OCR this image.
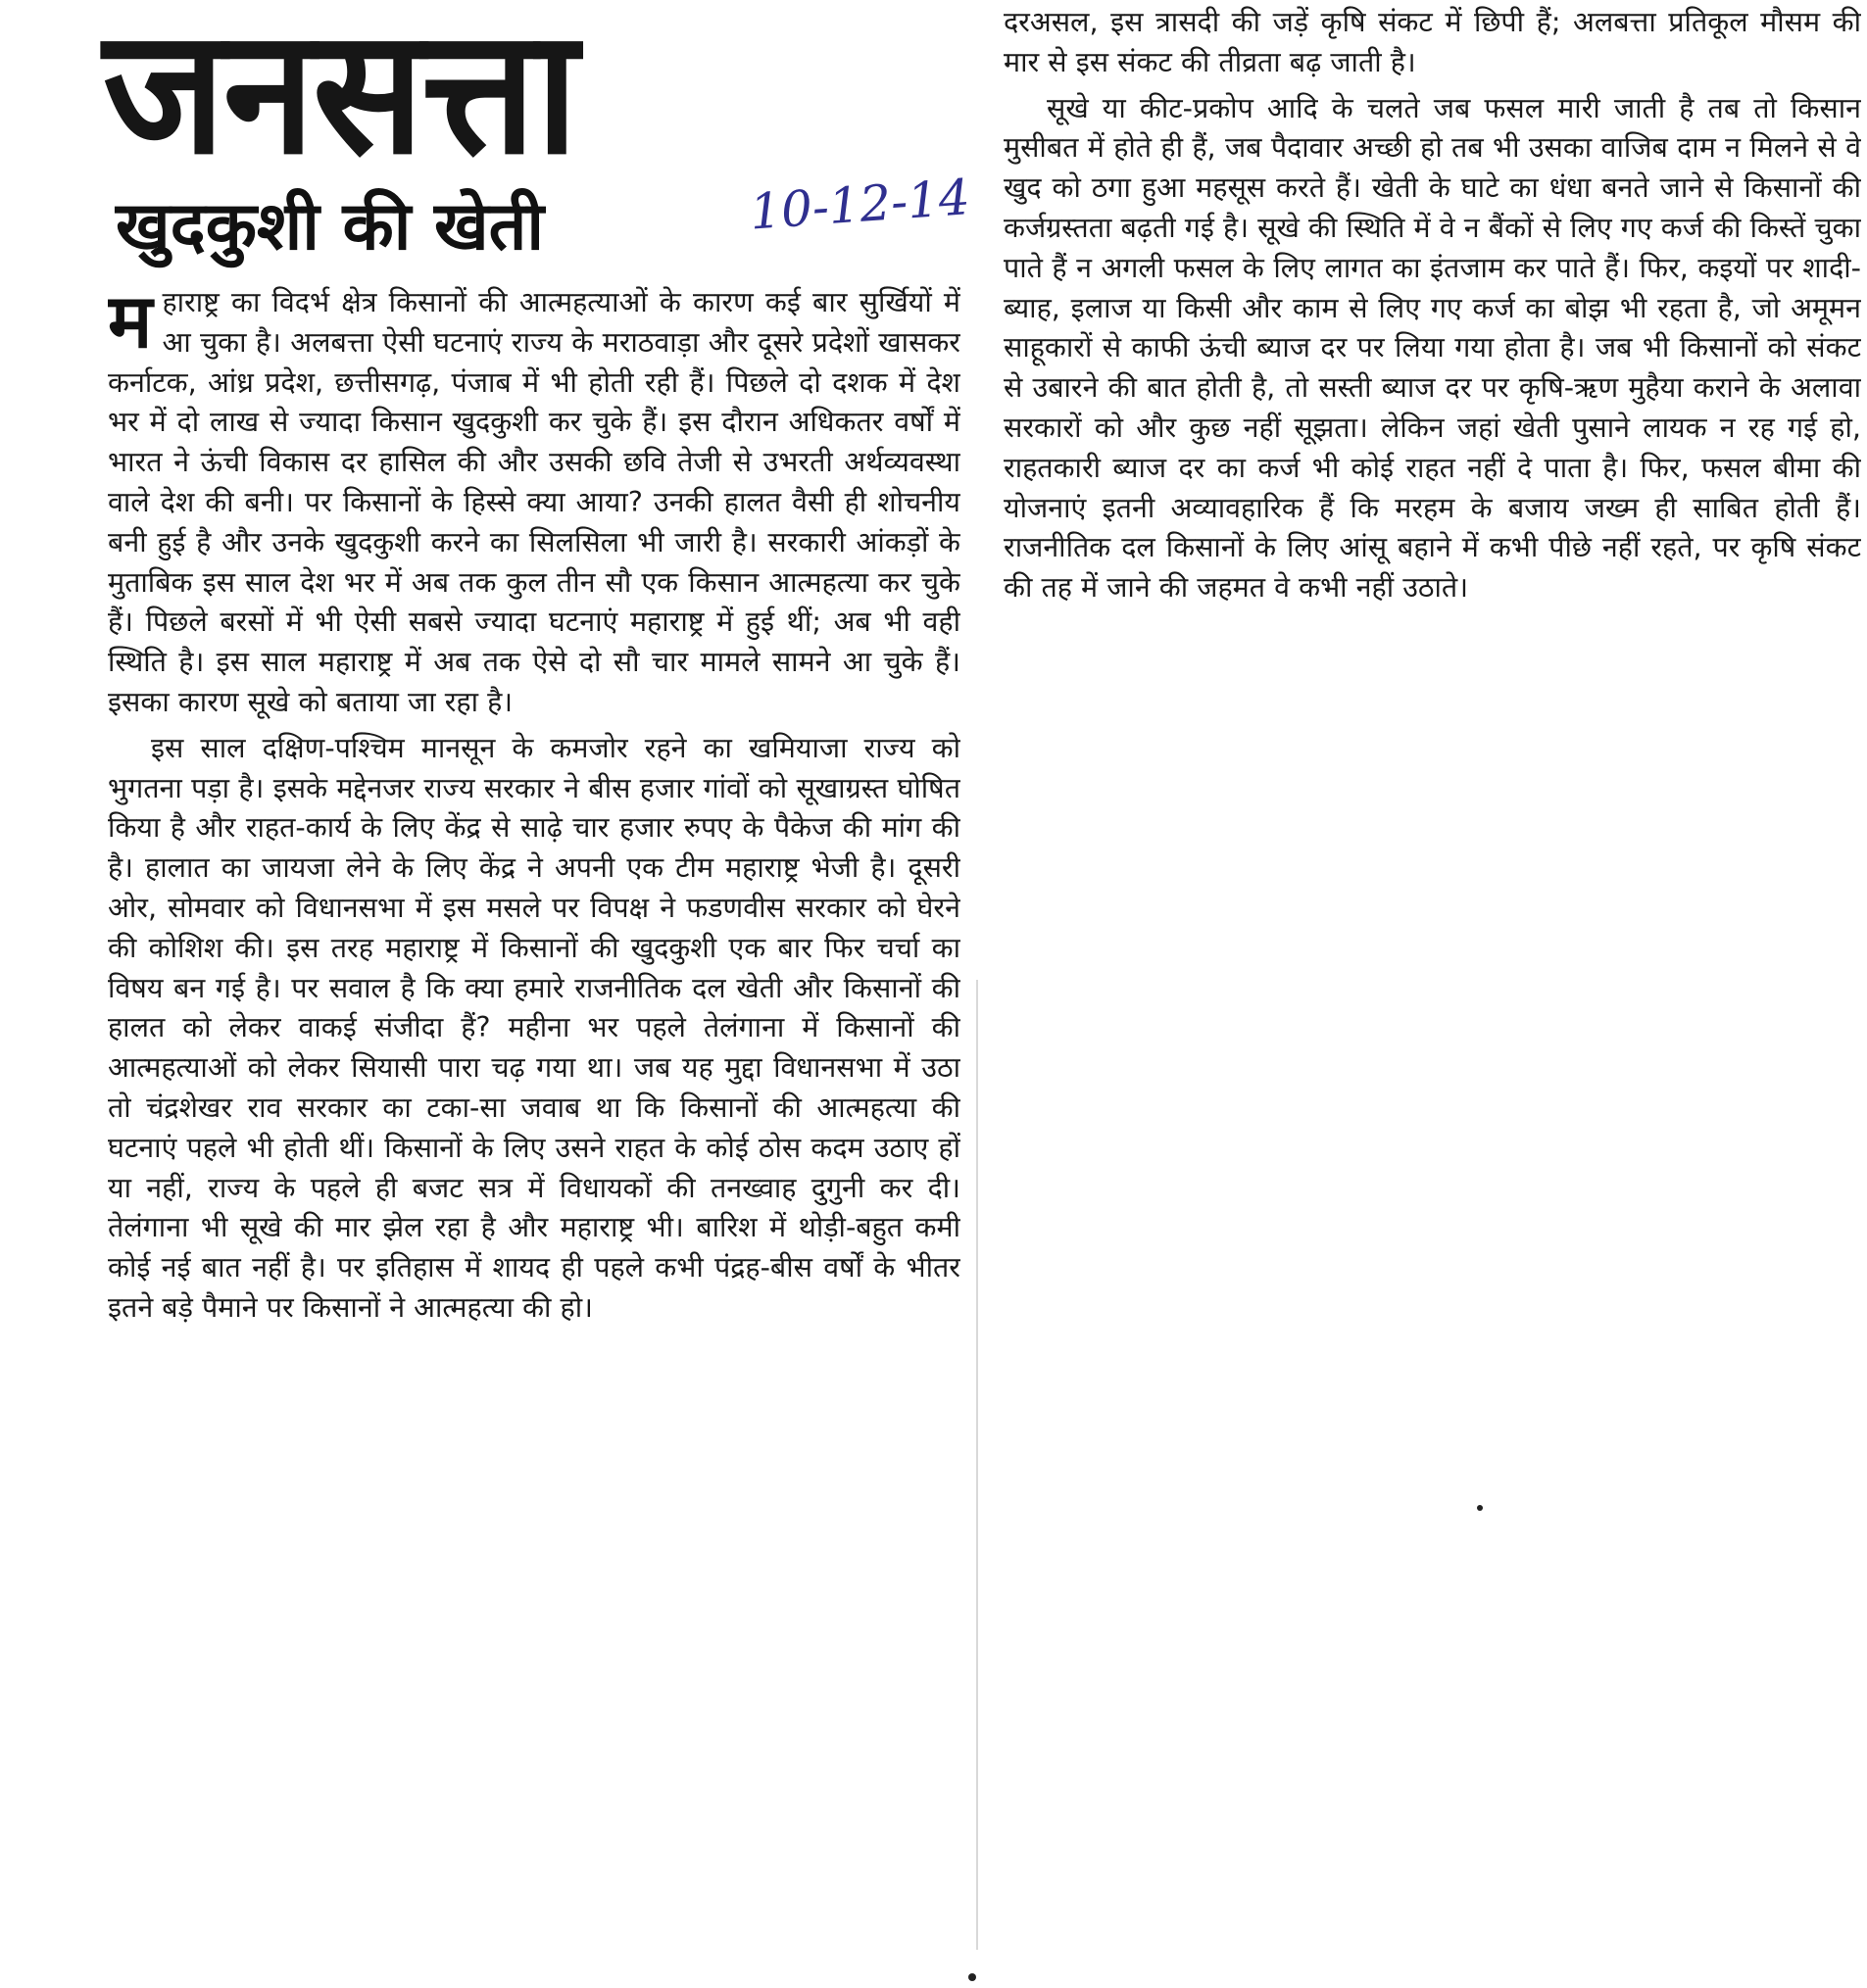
जनसत्ता
खुदकुशी की खेती	10-12-14

महाराष्ट्र का विदर्भ क्षेत्र किसानों की आत्महत्याओं के कारण कई बार सुर्खियों में आ चुका है। अलबत्ता ऐसी घटनाएं राज्य के मराठवाड़ा और दूसरे प्रदेशों खासकर कर्नाटक, आंध्र प्रदेश, छत्तीसगढ़, पंजाब में भी होती रही हैं। पिछले दो दशक में देश भर में दो लाख से ज्यादा किसान खुदकुशी कर चुके हैं। इस दौरान अधिकतर वर्षों में भारत ने ऊंची विकास दर हासिल की और उसकी छवि तेजी से उभरती अर्थव्यवस्था वाले देश की बनी। पर किसानों के हिस्से क्या आया? उनकी हालत वैसी ही शोचनीय बनी हुई है और उनके खुदकुशी करने का सिलसिला भी जारी है। सरकारी आंकड़ों के मुताबिक इस साल देश भर में अब तक कुल तीन सौ एक किसान आत्महत्या कर चुके हैं। पिछले बरसों में भी ऐसी सबसे ज्यादा घटनाएं महाराष्ट्र में हुई थीं; अब भी वही स्थिति है। इस साल महाराष्ट्र में अब तक ऐसे दो सौ चार मामले सामने आ चुके हैं। इसका कारण सूखे को बताया जा रहा है।

इस साल दक्षिण-पश्चिम मानसून के कमजोर रहने का खमियाजा राज्य को भुगतना पड़ा है। इसके मद्देनजर राज्य सरकार ने बीस हजार गांवों को सूखाग्रस्त घोषित किया है और राहत-कार्य के लिए केंद्र से साढ़े चार हजार रुपए के पैकेज की मांग की है। हालात का जायजा लेने के लिए केंद्र ने अपनी एक टीम महाराष्ट्र भेजी है। दूसरी ओर, सोमवार को विधानसभा में इस मसले पर विपक्ष ने फडणवीस सरकार को घेरने की कोशिश की। इस तरह महाराष्ट्र में किसानों की खुदकुशी एक बार फिर चर्चा का विषय बन गई है। पर सवाल है कि क्या हमारे राजनीतिक दल खेती और किसानों की हालत को लेकर वाकई संजीदा हैं? महीना भर पहले तेलंगाना में किसानों की आत्महत्याओं को लेकर सियासी पारा चढ़ गया था। जब यह मुद्दा विधानसभा में उठा तो चंद्रशेखर राव सरकार का टका-सा जवाब था कि किसानों की आत्महत्या की घटनाएं पहले भी होती थीं। किसानों के लिए उसने राहत के कोई ठोस कदम उठाए हों या नहीं, राज्य के पहले ही बजट सत्र में विधायकों की तनख्वाह दुगुनी कर दी। तेलंगाना भी सूखे की मार झेल रहा है और महाराष्ट्र भी। बारिश में थोड़ी-बहुत कमी कोई नई बात नहीं है। पर इतिहास में शायद ही पहले कभी पंद्रह-बीस वर्षों के भीतर इतने बड़े पैमाने पर किसानों ने आत्महत्या की हो।

दरअसल, इस त्रासदी की जड़ें कृषि संकट में छिपी हैं; अलबत्ता प्रतिकूल मौसम की मार से इस संकट की तीव्रता बढ़ जाती है।

सूखे या कीट-प्रकोप आदि के चलते जब फसल मारी जाती है तब तो किसान मुसीबत में होते ही हैं, जब पैदावार अच्छी हो तब भी उसका वाजिब दाम न मिलने से वे खुद को ठगा हुआ महसूस करते हैं। खेती के घाटे का धंधा बनते जाने से किसानों की कर्जग्रस्तता बढ़ती गई है। सूखे की स्थिति में वे न बैंकों से लिए गए कर्ज की किस्तें चुका पाते हैं न अगली फसल के लिए लागत का इंतजाम कर पाते हैं। फिर, कइयों पर शादी-ब्याह, इलाज या किसी और काम से लिए गए कर्ज का बोझ भी रहता है, जो अमूमन साहूकारों से काफी ऊंची ब्याज दर पर लिया गया होता है। जब भी किसानों को संकट से उबारने की बात होती है, तो सस्ती ब्याज दर पर कृषि-ऋण मुहैया कराने के अलावा सरकारों को और कुछ नहीं सूझता। लेकिन जहां खेती पुसाने लायक न रह गई हो, राहतकारी ब्याज दर का कर्ज भी कोई राहत नहीं दे पाता है। फिर, फसल बीमा की योजनाएं इतनी अव्यावहारिक हैं कि मरहम के बजाय जख्म ही साबित होती हैं। राजनीतिक दल किसानों के लिए आंसू बहाने में कभी पीछे नहीं रहते, पर कृषि संकट की तह में जाने की जहमत वे कभी नहीं उठाते।
